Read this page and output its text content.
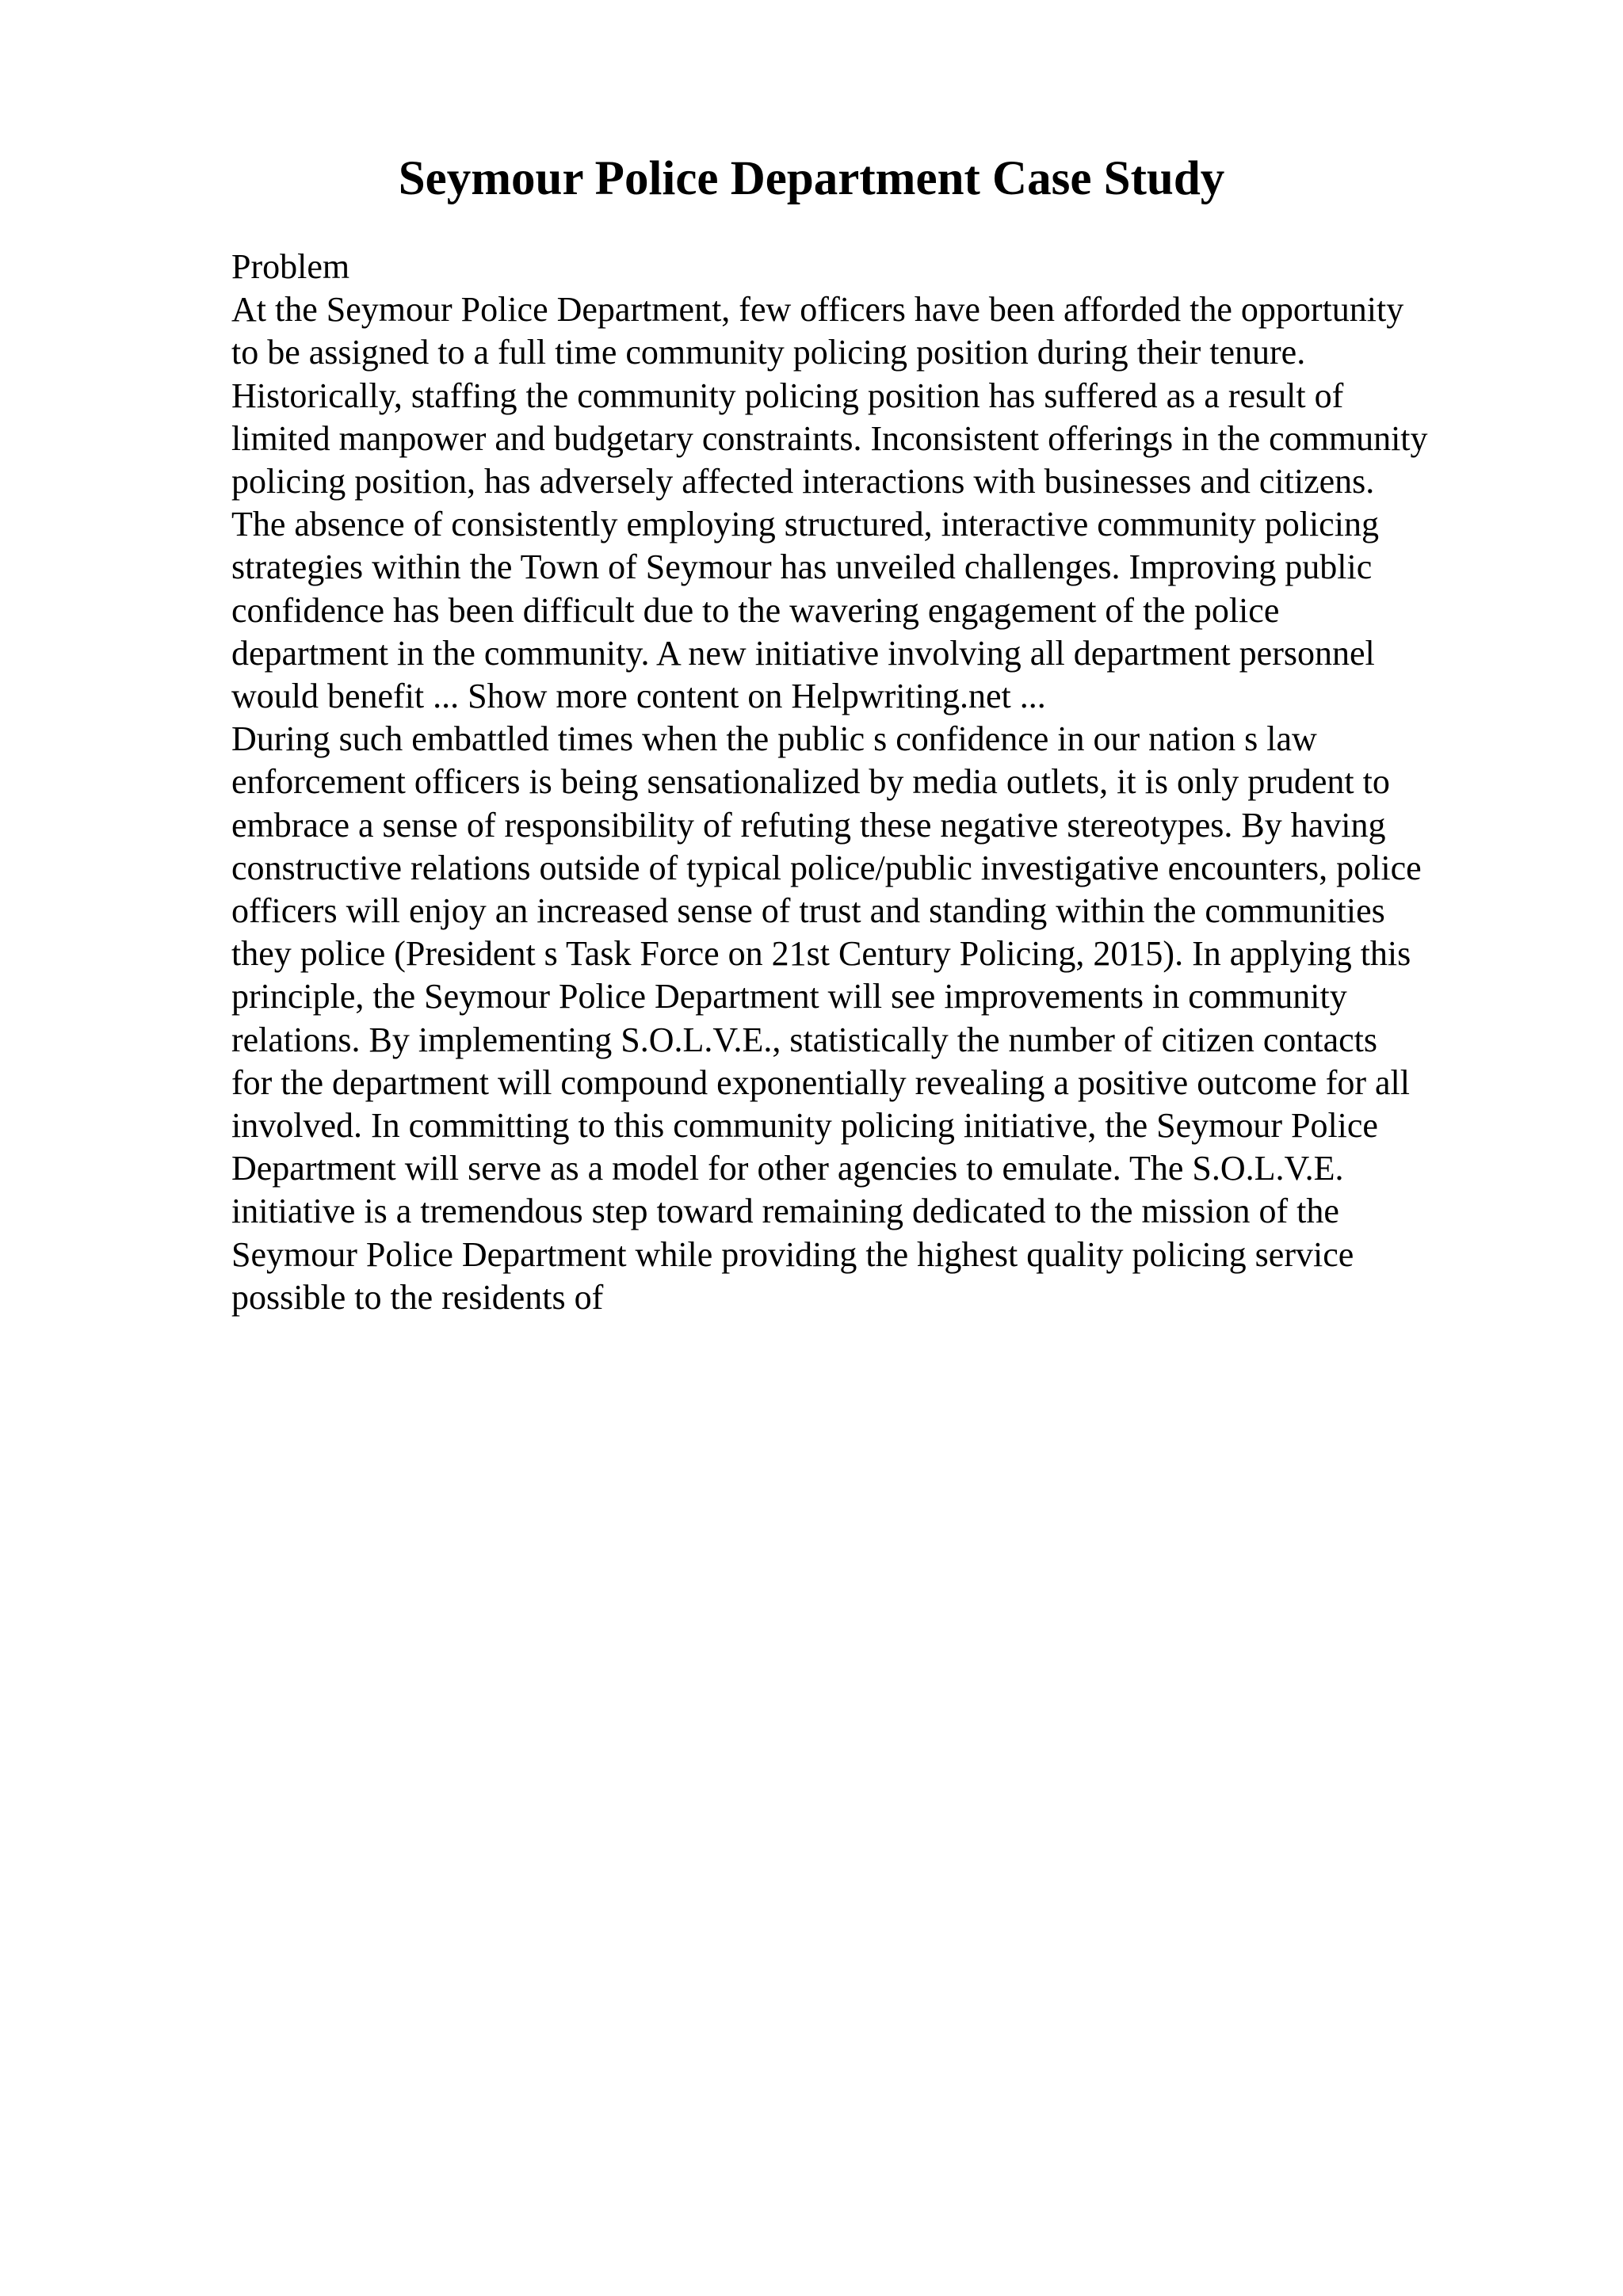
Seymour Police Department Case Study
Problem
At the Seymour Police Department, few officers have been afforded the opportunity
to be assigned to a full time community policing position during their tenure.
Historically, staffing the community policing position has suffered as a result of
limited manpower and budgetary constraints. Inconsistent offerings in the community
policing position, has adversely affected interactions with businesses and citizens.
The absence of consistently employing structured, interactive community policing
strategies within the Town of Seymour has unveiled challenges. Improving public
confidence has been difficult due to the wavering engagement of the police
department in the community. A new initiative involving all department personnel
would benefit ... Show more content on Helpwriting.net ...
During such embattled times when the public s confidence in our nation s law
enforcement officers is being sensationalized by media outlets, it is only prudent to
embrace a sense of responsibility of refuting these negative stereotypes. By having
constructive relations outside of typical police/public investigative encounters, police
officers will enjoy an increased sense of trust and standing within the communities
they police (President s Task Force on 21st Century Policing, 2015). In applying this
principle, the Seymour Police Department will see improvements in community
relations. By implementing S.O.L.V.E., statistically the number of citizen contacts
for the department will compound exponentially revealing a positive outcome for all
involved. In committing to this community policing initiative, the Seymour Police
Department will serve as a model for other agencies to emulate. The S.O.L.V.E.
initiative is a tremendous step toward remaining dedicated to the mission of the
Seymour Police Department while providing the highest quality policing service
possible to the residents of
